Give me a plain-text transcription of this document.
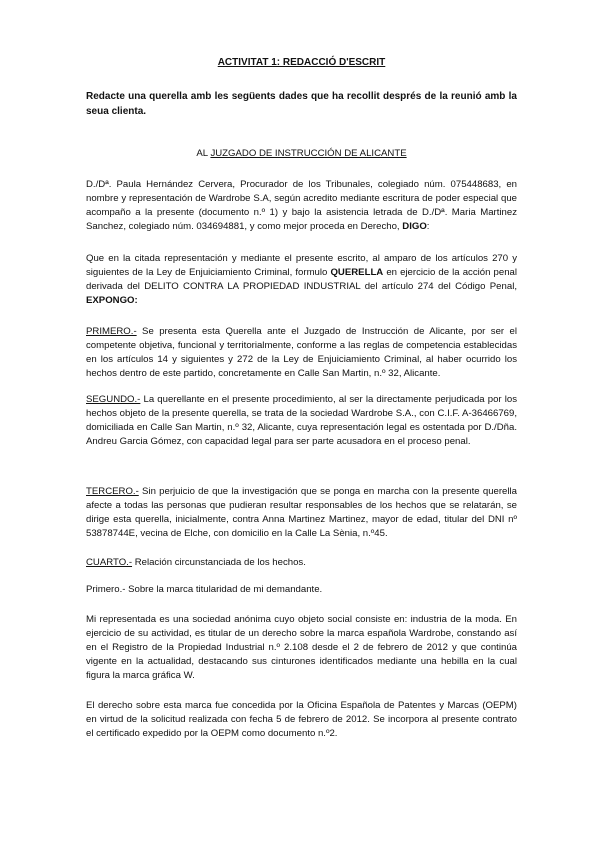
ACTIVITAT 1: REDACCIÓ D'ESCRIT
Redacte una querella amb les següents dades que ha recollit després de la reunió amb la seua clienta.
AL JUZGADO DE INSTRUCCIÓN DE ALICANTE
D./Dª. Paula Hernández Cervera, Procurador de los Tribunales, colegiado núm. 075448683, en nombre y representación de Wardrobe S.A, según acredito mediante escritura de poder especial que acompaño a la presente (documento n.º 1) y bajo la asistencia letrada de D./Dª. Maria Martinez Sanchez, colegiado núm. 034694881, y como mejor proceda en Derecho, DIGO:
Que en la citada representación y mediante el presente escrito, al amparo de los artículos 270 y siguientes de la Ley de Enjuiciamiento Criminal, formulo QUERELLA en ejercicio de la acción penal derivada del DELITO CONTRA LA PROPIEDAD INDUSTRIAL del artículo 274 del Código Penal, EXPONGO:
PRIMERO.- Se presenta esta Querella ante el Juzgado de Instrucción de Alicante, por ser el competente objetiva, funcional y territorialmente, conforme a las reglas de competencia establecidas en los artículos 14 y siguientes y 272 de la Ley de Enjuiciamiento Criminal, al haber ocurrido los hechos dentro de este partido, concretamente en Calle San Martin, n.º 32, Alicante.
SEGUNDO.- La querellante en el presente procedimiento, al ser la directamente perjudicada por los hechos objeto de la presente querella, se trata de la sociedad Wardrobe S.A., con C.I.F. A-36466769, domiciliada en Calle San Martin, n.º 32, Alicante, cuya representación legal es ostentada por D./Dña. Andreu Garcia Gómez, con capacidad legal para ser parte acusadora en el proceso penal.
TERCERO.- Sin perjuicio de que la investigación que se ponga en marcha con la presente querella afecte a todas las personas que pudieran resultar responsables de los hechos que se relatarán, se dirige esta querella, inicialmente, contra Anna Martinez Martinez, mayor de edad, titular del DNI nº 53878744E, vecina de Elche, con domicilio en la Calle La Sènia, n.º45.
CUARTO.- Relación circunstanciada de los hechos.
Primero.- Sobre la marca titularidad de mi demandante.
Mi representada es una sociedad anónima cuyo objeto social consiste en: industria de la moda. En ejercicio de su actividad, es titular de un derecho sobre la marca española Wardrobe, constando así en el Registro de la Propiedad Industrial n.º 2.108 desde el 2 de febrero de 2012 y que continúa vigente en la actualidad, destacando sus cinturones identificados mediante una hebilla en la cual figura la marca gráfica W.
El derecho sobre esta marca fue concedida por la Oficina Española de Patentes y Marcas (OEPM) en virtud de la solicitud realizada con fecha 5 de febrero de 2012. Se incorpora al presente contrato el certificado expedido por la OEPM como documento n.º2.
